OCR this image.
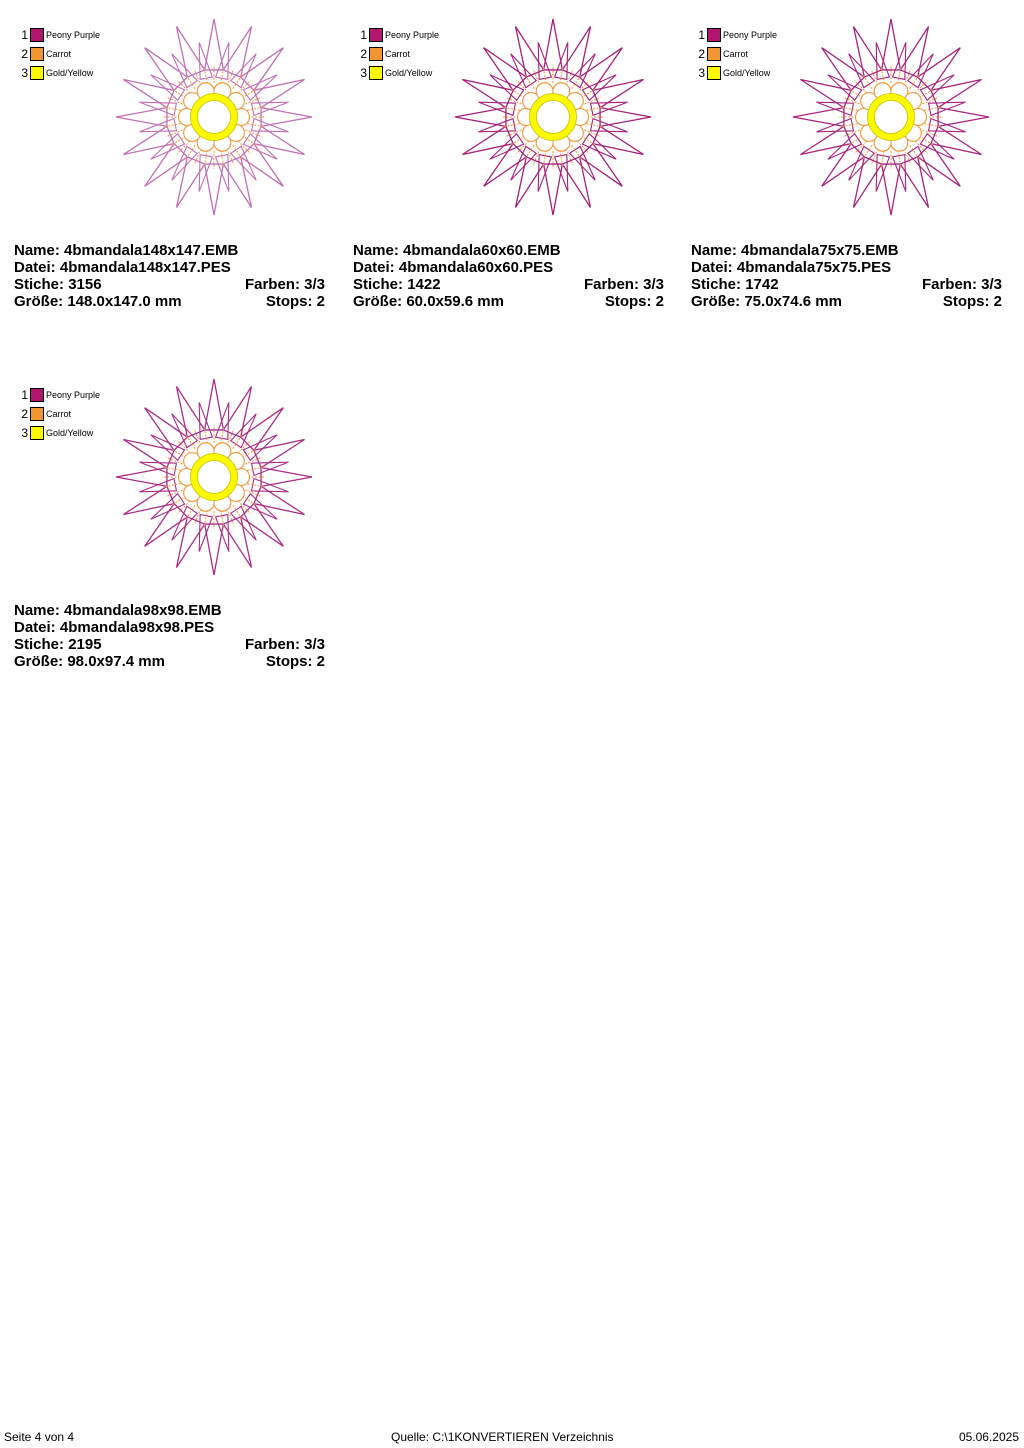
1 Peony Purple
2 Carrot
3 Gold/Yellow
Name: 4bmandala148x147.EMB
Datei: 4bmandala148x147.PES
Stiche: 3156	Farben: 3/3
Größe: 148.0x147.0 mm	Stops: 2
1 Peony Purple
2 Carrot
3 Gold/Yellow
Name: 4bmandala60x60.EMB
Datei: 4bmandala60x60.PES
Stiche: 1422	Farben: 3/3
Größe: 60.0x59.6 mm	Stops: 2
1 Peony Purple
2 Carrot
3 Gold/Yellow
Name: 4bmandala75x75.EMB
Datei: 4bmandala75x75.PES
Stiche: 1742	Farben: 3/3
Größe: 75.0x74.6 mm	Stops: 2
1 Peony Purple
2 Carrot
3 Gold/Yellow
Name: 4bmandala98x98.EMB
Datei: 4bmandala98x98.PES
Stiche: 2195	Farben: 3/3
Größe: 98.0x97.4 mm	Stops: 2
Seite 4 von 4	Quelle: C:\1KONVERTIEREN Verzeichnis	05.06.2025
